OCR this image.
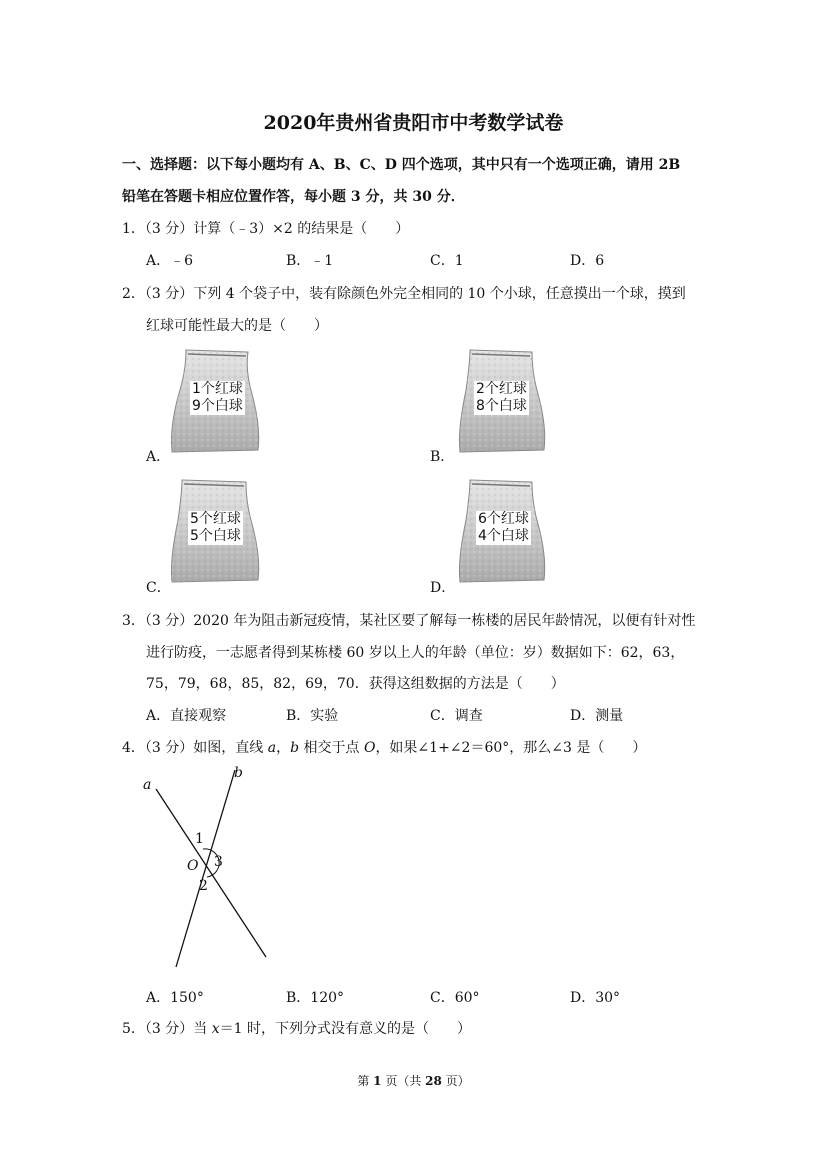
2020年贵州省贵阳市中考数学试卷
一、选择题：以下每小题均有 A、B、C、D 四个选项，其中只有一个选项正确，请用 2B
铅笔在答题卡相应位置作答，每小题 3 分，共 30 分．
1．（3 分）计算（﹣3）×2 的结果是（　　）
A．﹣6	B．﹣1	C．1	D．6
2．（3 分）下列 4 个袋子中，装有除颜色外完全相同的 10 个小球，任意摸出一个球，摸到
红球可能性最大的是（　　）
1个红球
9个白球
A．
2个红球
8个白球
B．
5个红球
5个白球
C．
6个红球
4个白球
D．
3．（3 分）2020 年为阻击新冠疫情，某社区要了解每一栋楼的居民年龄情况，以便有针对性
进行防疫，一志愿者得到某栋楼 60 岁以上人的年龄（单位：岁）数据如下：62，63，
75，79，68，85，82，69，70．获得这组数据的方法是（　　）
A．直接观察	B．实验	C．调查	D．测量
4．（3 分）如图，直线 a，b 相交于点 O，如果∠1+∠2＝60°，那么∠3 是（　　）
a
b
1
O 3
2
A．150°	B．120°	C．60°	D．30°
5．（3 分）当 x＝1 时，下列分式没有意义的是（　　）
第 1 页（共 28 页）
